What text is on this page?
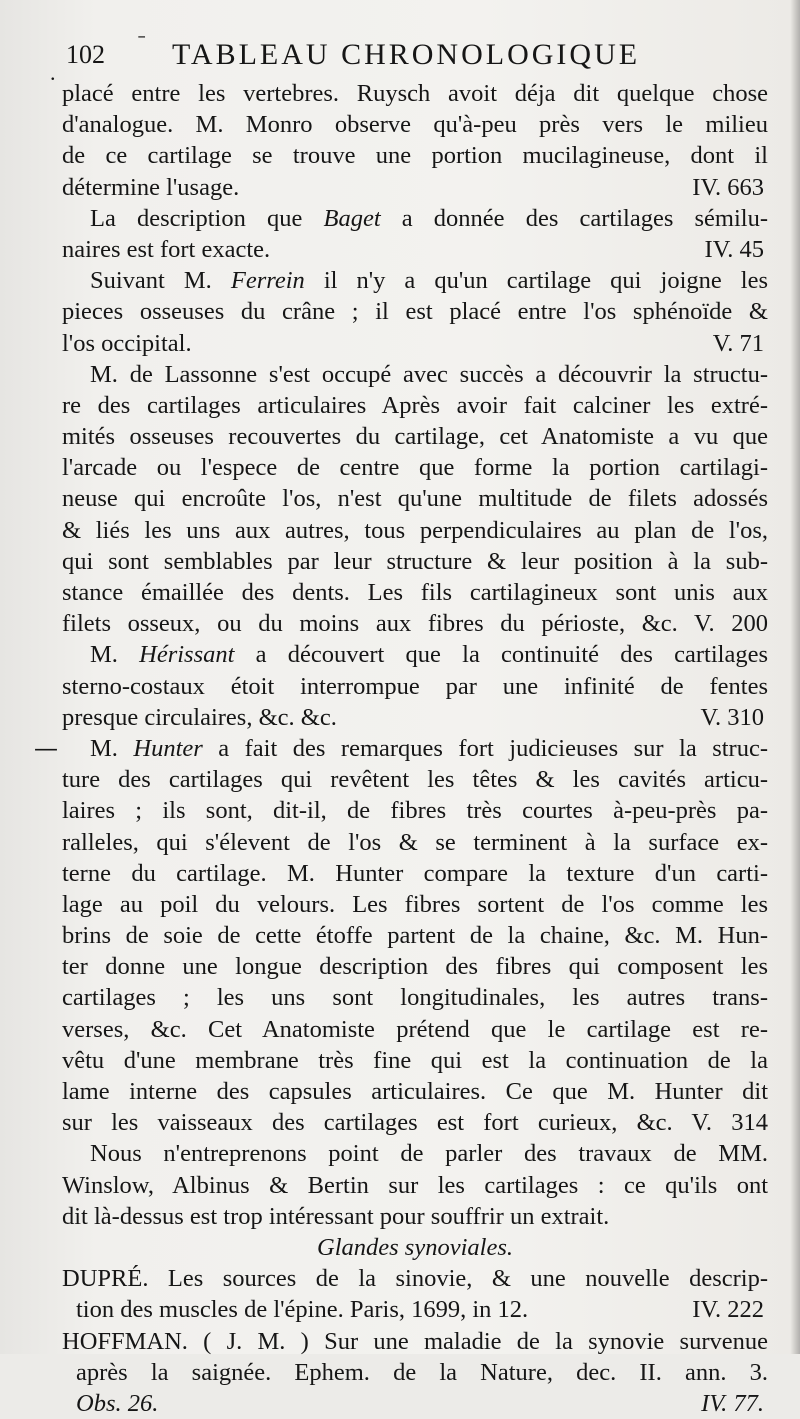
.
102 ˉ TABLEAU CHRONOLOGIQUE
placé entre les vertebres. Ruysch avoit déja dit quelque chose
d'analogue. M. Monro observe qu'à-peu près vers le milieu
de ce cartilage se trouve une portion mucilagineuse, dont il
détermine l'usage.	IV. 663
La description que Baget a donnée des cartilages sémilu-
naires est fort exacte.	IV. 45
Suivant M. Ferrein il n'y a qu'un cartilage qui joigne les
pieces osseuses du crâne ; il est placé entre l'os sphénoïde &
l'os occipital.	V. 71
M. de Lassonne s'est occupé avec succès a découvrir la structu-
re des cartilages articulaires Après avoir fait calciner les extré-
mités osseuses recouvertes du cartilage, cet Anatomiste a vu que
l'arcade ou l'espece de centre que forme la portion cartilagi-
neuse qui encroûte l'os, n'est qu'une multitude de filets adossés
& liés les uns aux autres, tous perpendiculaires au plan de l'os,
qui sont semblables par leur structure & leur position à la sub-
stance émaillée des dents. Les fils cartilagineux sont unis aux
filets osseux, ou du moins aux fibres du périoste, &c. V. 200
M. Hérissant a découvert que la continuité des cartilages
sterno-costaux étoit interrompue par une infinité de fentes
presque circulaires, &c. &c.	V. 310
M. Hunter a fait des remarques fort judicieuses sur la struc-
ture des cartilages qui revêtent les têtes & les cavités articu-
laires ; ils sont, dit-il, de fibres très courtes à-peu-près pa-
ralleles, qui s'élevent de l'os & se terminent à la surface ex-
terne du cartilage. M. Hunter compare la texture d'un carti-
lage au poil du velours. Les fibres sortent de l'os comme les
brins de soie de cette étoffe partent de la chaine, &c. M. Hun-
ter donne une longue description des fibres qui composent les
cartilages ; les uns sont longitudinales, les autres trans-
verses, &c. Cet Anatomiste prétend que le cartilage est re-
vêtu d'une membrane très fine qui est la continuation de la
lame interne des capsules articulaires. Ce que M. Hunter dit
sur les vaisseaux des cartilages est fort curieux, &c. V. 314
Nous n'entreprenons point de parler des travaux de MM.
Winslow, Albinus & Bertin sur les cartilages : ce qu'ils ont
dit là-dessus est trop intéressant pour souffrir un extrait.
Glandes synoviales.
DUPRÉ. Les sources de la sinovie, & une nouvelle descrip-
tion des muscles de l'épine. Paris, 1699, in 12.	IV. 222
HOFFMAN. ( J. M. ) Sur une maladie de la synovie survenue
après la saignée. Ephem. de la Nature, dec. II. ann. 3.
Obs. 26.	IV. 77.
—
